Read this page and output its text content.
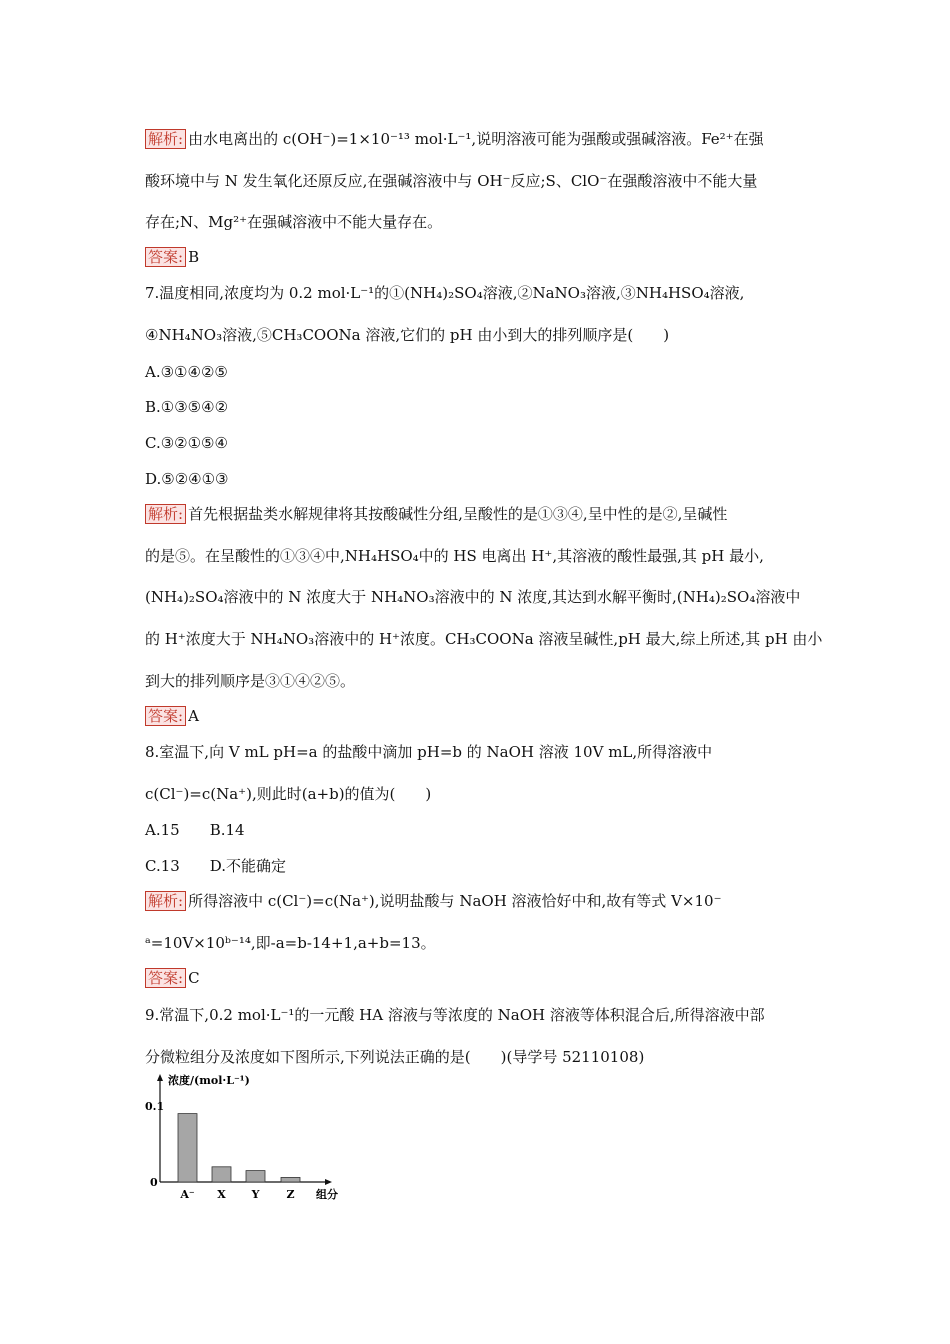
解析: 由水电离出的 c(OH⁻)=1×10⁻¹³ mol·L⁻¹,说明溶液可能为强酸或强碱溶液。Fe²⁺在强
酸环境中与 N 发生氧化还原反应,在强碱溶液中与 OH⁻反应;S、ClO⁻在强酸溶液中不能大量
存在;N、Mg²⁺在强碱溶液中不能大量存在。
答案: B
7.温度相同,浓度均为 0.2 mol·L⁻¹的①(NH₄)₂SO₄溶液,②NaNO₃溶液,③NH₄HSO₄溶液,
④NH₄NO₃溶液,⑤CH₃COONa 溶液,它们的 pH 由小到大的排列顺序是(　　)
A.③①④②⑤
B.①③⑤④②
C.③②①⑤④
D.⑤②④①③
解析: 首先根据盐类水解规律将其按酸碱性分组,呈酸性的是①③④,呈中性的是②,呈碱性
的是⑤。在呈酸性的①③④中,NH₄HSO₄中的 HS 电离出 H⁺,其溶液的酸性最强,其 pH 最小,
(NH₄)₂SO₄溶液中的 N 浓度大于 NH₄NO₃溶液中的 N 浓度,其达到水解平衡时,(NH₄)₂SO₄溶液中
的 H⁺浓度大于 NH₄NO₃溶液中的 H⁺浓度。CH₃COONa 溶液呈碱性,pH 最大,综上所述,其 pH 由小
到大的排列顺序是③①④②⑤。
答案: A
8.室温下,向 V mL pH=a 的盐酸中滴加 pH=b 的 NaOH 溶液 10V mL,所得溶液中
c(Cl⁻)=c(Na⁺),则此时(a+b)的值为(　　)
A.15　　B.14
C.13　　D.不能确定
解析: 所得溶液中 c(Cl⁻)=c(Na⁺),说明盐酸与 NaOH 溶液恰好中和,故有等式 V×10⁻
ᵃ=10V×10ᵇ⁻¹⁴,即-a=b-14+1,a+b=13。
答案: C
9.常温下,0.2 mol·L⁻¹的一元酸 HA 溶液与等浓度的 NaOH 溶液等体积混合后,所得溶液中部
分微粒组分及浓度如下图所示,下列说法正确的是(　　)(导学号 52110108)
浓度/(mol·L⁻¹)
组分
0.1
0
A⁻ X Y Z
